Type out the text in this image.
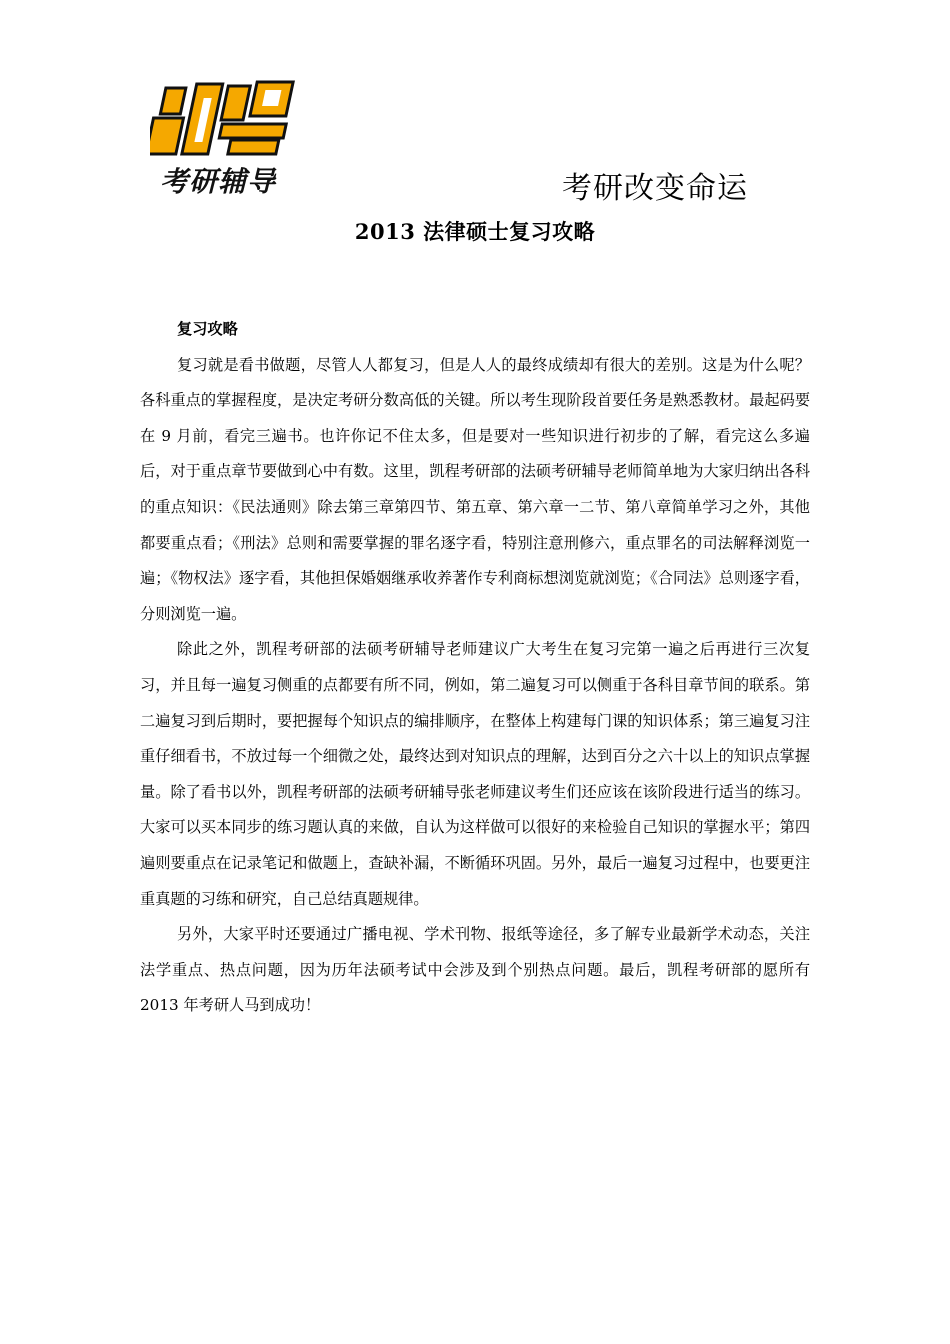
考研辅导	考研改变命运
2013 法律硕士复习攻略

复习攻略

复习就是看书做题，尽管人人都复习，但是人人的最终成绩却有很大的差别。这是为什么呢？各科重点的掌握程度，是决定考研分数高低的关键。所以考生现阶段首要任务是熟悉教材。最起码要在 9 月前，看完三遍书。也许你记不住太多，但是要对一些知识进行初步的了解，看完这么多遍后，对于重点章节要做到心中有数。这里，凯程考研部的法硕考研辅导老师简单地为大家归纳出各科的重点知识：《民法通则》除去第三章第四节、第五章、第六章一二节、第八章简单学习之外，其他都要重点看；《刑法》总则和需要掌握的罪名逐字看，特别注意刑修六，重点罪名的司法解释浏览一遍；《物权法》逐字看，其他担保婚姻继承收养著作专利商标想浏览就浏览；《合同法》总则逐字看，分则浏览一遍。

除此之外，凯程考研部的法硕考研辅导老师建议广大考生在复习完第一遍之后再进行三次复习，并且每一遍复习侧重的点都要有所不同，例如，第二遍复习可以侧重于各科目章节间的联系。第二遍复习到后期时，要把握每个知识点的编排顺序，在整体上构建每门课的知识体系；第三遍复习注重仔细看书，不放过每一个细微之处，最终达到对知识点的理解，达到百分之六十以上的知识点掌握量。除了看书以外，凯程考研部的法硕考研辅导张老师建议考生们还应该在该阶段进行适当的练习。大家可以买本同步的练习题认真的来做，自认为这样做可以很好的来检验自己知识的掌握水平；第四遍则要重点在记录笔记和做题上，查缺补漏，不断循环巩固。另外，最后一遍复习过程中，也要更注重真题的习练和研究，自己总结真题规律。

另外，大家平时还要通过广播电视、学术刊物、报纸等途径，多了解专业最新学术动态，关注法学重点、热点问题，因为历年法硕考试中会涉及到个别热点问题。最后，凯程考研部的愿所有 2013 年考研人马到成功！
